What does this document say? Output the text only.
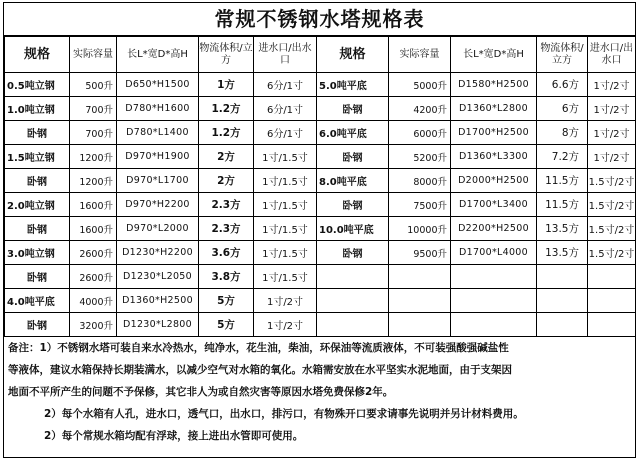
常规不锈钢水塔规格表
规格	实际容量	长L*宽D*高H	物流体积/立方	进水口/出水口	规格	实际容量	长L*宽D*高H	物流体积/立方	进水口/出水口
0.5吨立钢	500升	D650*H1500	1方	6分/1寸	5.0吨平底	5000升	D1580*H2500	6.6方	1寸/2寸
1.0吨立钢	700升	D780*H1600	1.2方	6分/1寸	卧钢	4200升	D1360*L2800	6方	1寸/2寸
卧钢	700升	D780*L1400	1.2方	6分/1寸	6.0吨平底	6000升	D1700*H2500	8方	1寸/2寸
1.5吨立钢	1200升	D970*H1900	2方	1寸/1.5寸	卧钢	5200升	D1360*L3300	7.2方	1寸/2寸
卧钢	1200升	D970*L1700	2方	1寸/1.5寸	8.0吨平底	8000升	D2000*H2500	11.5方	1.5寸/2寸
2.0吨立钢	1600升	D970*H2200	2.3方	1寸/1.5寸	卧钢	7500升	D1700*L3400	11.5方	1.5寸/2寸
卧钢	1600升	D970*L2000	2.3方	1寸/1.5寸	10.0吨平底	10000升	D2200*H2500	13.5方	1.5寸/2寸
3.0吨立钢	2600升	D1230*H2200	3.6方	1寸/1.5寸	卧钢	9500升	D1700*L4000	13.5方	1.5寸/2寸
卧钢	2600升	D1230*L2050	3.8方	1寸/1.5寸					
4.0吨平底	4000升	D1360*H2500	5方	1寸/2寸					
卧钢	3200升	D1230*L2800	5方	1寸/2寸					
备注：1）不锈钢水塔可装自来水冷热水，纯净水，花生油，柴油，环保油等流质液体，不可装强酸强碱盐性
等液体，建议水箱保持长期装满水，以减少空气对水箱的氧化。水箱需安放在水平坚实水泥地面，由于支架因
地面不平所产生的问题不予保修，其它非人为或自然灾害等原因水塔免费保修2年。
2）每个水箱有人孔，进水口，透气口，出水口，排污口，有物殊开口要求请事先说明并另计材料费用。
2）每个常规水箱均配有浮球，接上进出水管即可使用。
